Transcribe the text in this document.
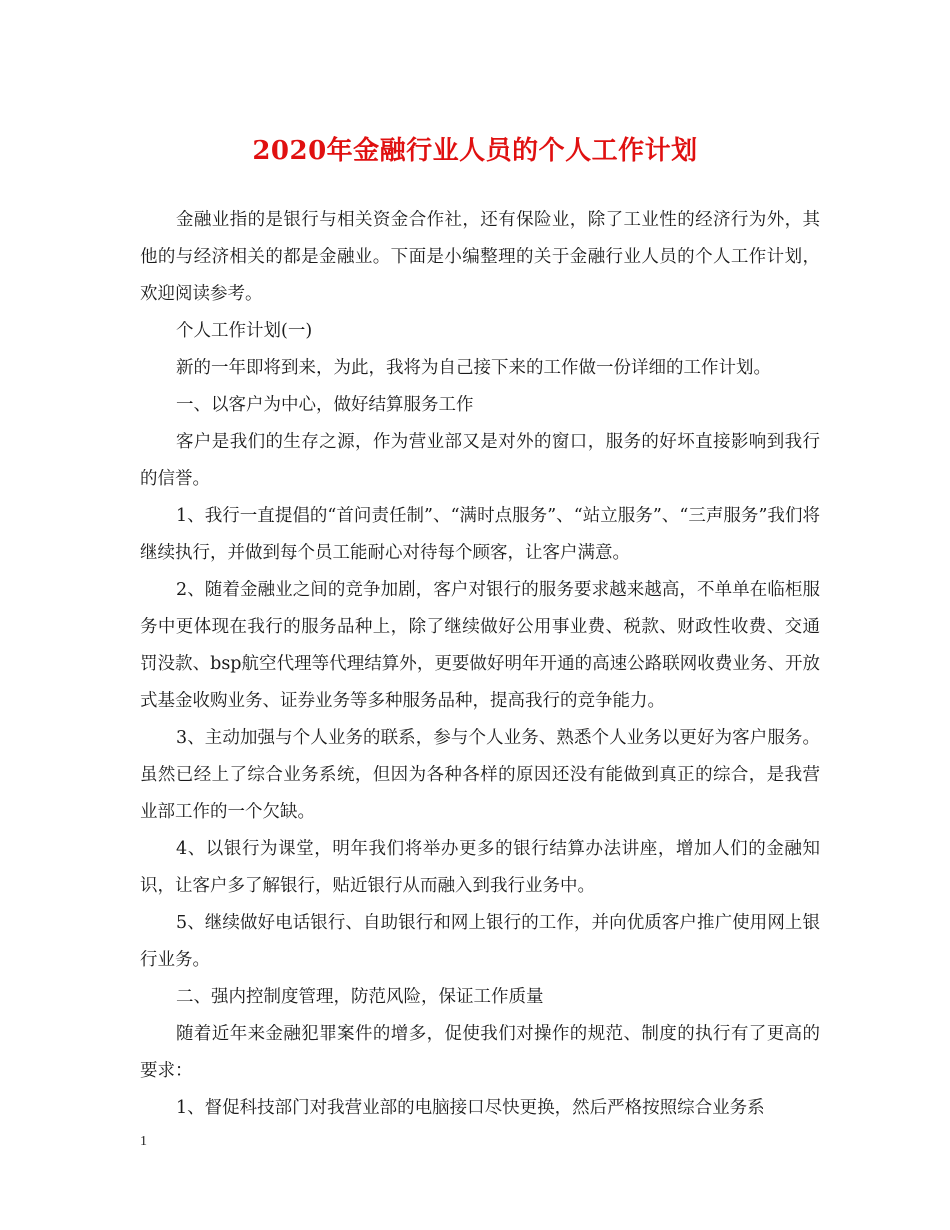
2020年金融行业人员的个人工作计划

金融业指的是银行与相关资金合作社，还有保险业，除了工业性的经济行为外，其他的与经济相关的都是金融业。下面是小编整理的关于金融行业人员的个人工作计划，欢迎阅读参考。

个人工作计划(一)

新的一年即将到来，为此，我将为自己接下来的工作做一份详细的工作计划。

一、以客户为中心，做好结算服务工作

客户是我们的生存之源，作为营业部又是对外的窗口，服务的好坏直接影响到我行的信誉。

1、我行一直提倡的“首问责任制”、“满时点服务”、“站立服务”、“三声服务”我们将继续执行，并做到每个员工能耐心对待每个顾客，让客户满意。

2、随着金融业之间的竞争加剧，客户对银行的服务要求越来越高，不单单在临柜服务中更体现在我行的服务品种上，除了继续做好公用事业费、税款、财政性收费、交通罚没款、bsp航空代理等代理结算外，更要做好明年开通的高速公路联网收费业务、开放式基金收购业务、证券业务等多种服务品种，提高我行的竞争能力。

3、主动加强与个人业务的联系，参与个人业务、熟悉个人业务以更好为客户服务。虽然已经上了综合业务系统，但因为各种各样的原因还没有能做到真正的综合，是我营业部工作的一个欠缺。

4、以银行为课堂，明年我们将举办更多的银行结算办法讲座，增加人们的金融知识，让客户多了解银行，贴近银行从而融入到我行业务中。

5、继续做好电话银行、自助银行和网上银行的工作，并向优质客户推广使用网上银行业务。

二、强内控制度管理，防范风险，保证工作质量

随着近年来金融犯罪案件的增多，促使我们对操作的规范、制度的执行有了更高的要求：

1、督促科技部门对我营业部的电脑接口尽快更换，然后严格按照综合业务系

1
